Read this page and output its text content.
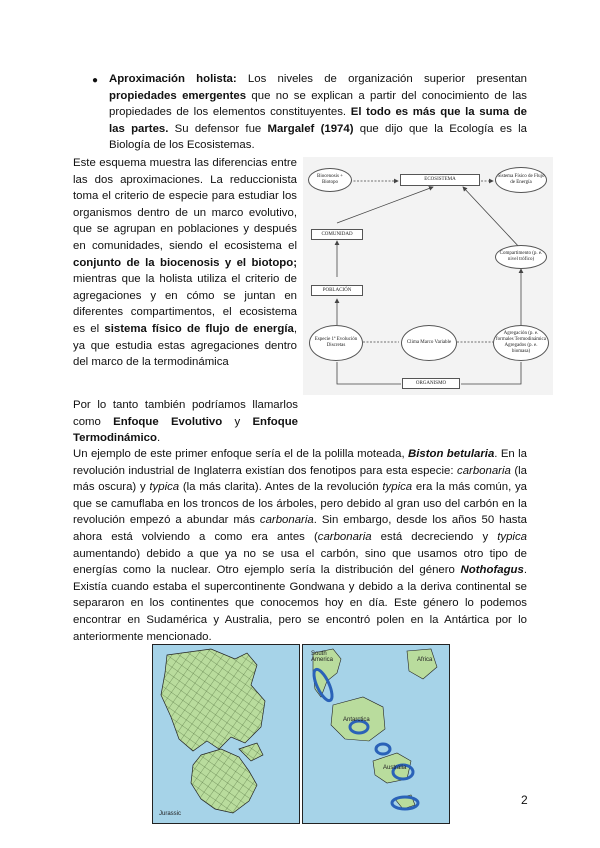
● Aproximación holista: Los niveles de organización superior presentan propiedades emergentes que no se explican a partir del conocimiento de las propiedades de los elementos constituyentes. El todo es más que la suma de las partes. Su defensor fue Margalef (1974) que dijo que la Ecología es la Biología de los Ecosistemas.
Este esquema muestra las diferencias entre las dos aproximaciones. La reduccionista toma el criterio de especie para estudiar los organismos dentro de un marco evolutivo, que se agrupan en poblaciones y después en comunidades, siendo el ecosistema el conjunto de la biocenosis y el biotopo; mientras que la holista utiliza el criterio de agregaciones y en cómo se juntan en diferentes compartimentos, el ecosistema es el sistema físico de flujo de energía, ya que estudia estas agregaciones dentro del marco de la termodinámica
Biocenosis + Biotopo
ECOSISTEMA
Sistema Físico de Flujo de Energía
COMUNIDAD
Compartimento (p. e. nivel trófico)
POBLACIÓN
Especie 1ª Evolución Discretas
Clima Marco Variable
Agregación (p. e. formales Termodinámica Agregados (p. e. biomasa)
ORGANISMO
Por lo tanto también podríamos llamarlos como Enfoque Evolutivo y Enfoque Termodinámico.
Un ejemplo de este primer enfoque sería el de la polilla moteada, Biston betularia. En la revolución industrial de Inglaterra existían dos fenotipos para esta especie: carbonaria (la más oscura) y typica (la más clarita). Antes de la revolución typica era la más común, ya que se camuflaba en los troncos de los árboles, pero debido al gran uso del carbón en la revolución empezó a abundar más carbonaria. Sin embargo, desde los años 50 hasta ahora está volviendo a como era antes (carbonaria está decreciendo y typica aumentando) debido a que ya no se usa el carbón, sino que usamos otro tipo de energías como la nuclear. Otro ejemplo sería la distribución del género Nothofagus. Existía cuando estaba el supercontinente Gondwana y debido a la deriva continental se separaron en los continentes que conocemos hoy en día. Este género lo podemos encontrar en Sudamérica y Australia, pero se encontró polen en la Antártica por lo anteriormente mencionado.
Jurassic
South America	Africa
Antarctica
Australia
2
